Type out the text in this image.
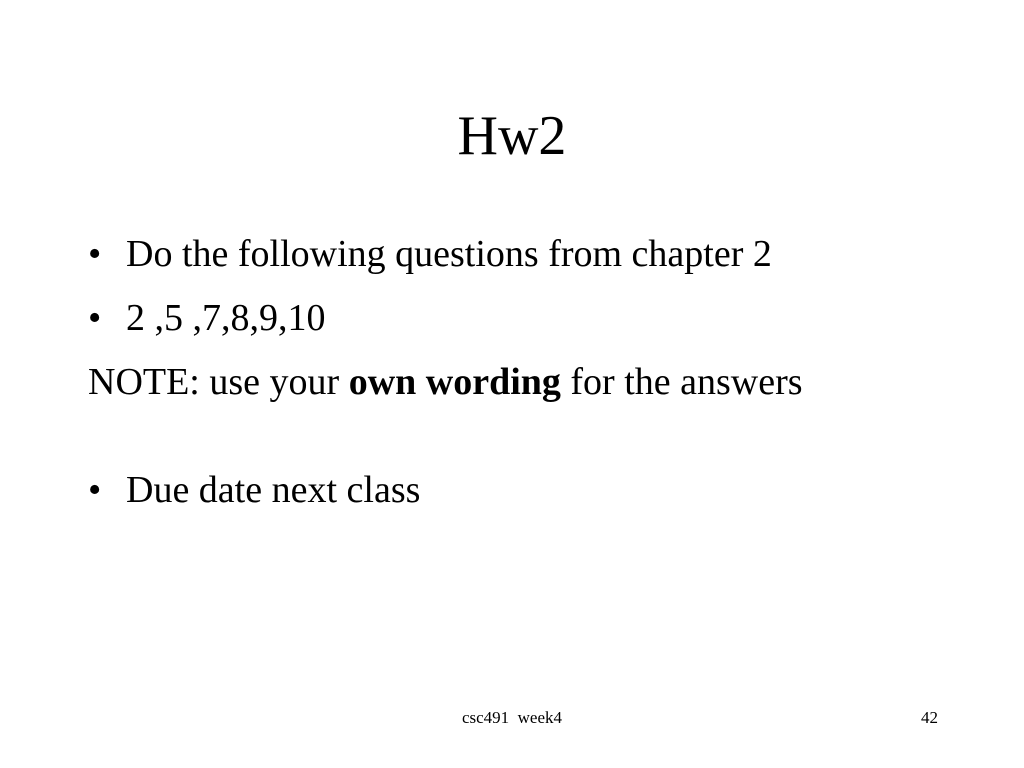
Hw2
• Do the following questions from chapter 2
• 2 ,5 ,7,8,9,10
NOTE: use your own wording for the answers
• Due date next class
csc491  week4	42
